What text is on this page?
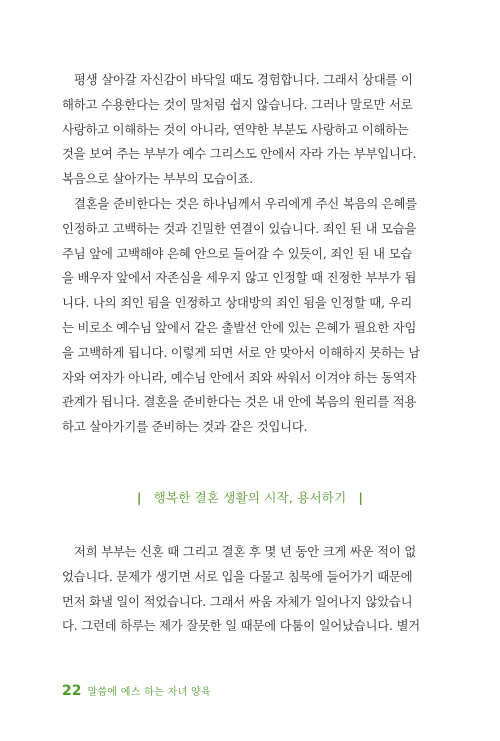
평생 살아갈 자신감이 바닥일 때도 경험합니다. 그래서 상대를 이
해하고 수용한다는 것이 말처럼 쉽지 않습니다. 그러나 말로만 서로
사랑하고 이해하는 것이 아니라, 연약한 부분도 사랑하고 이해하는
것을 보여 주는 부부가 예수 그리스도 안에서 자라 가는 부부입니다.
복음으로 살아가는 부부의 모습이죠.
결혼을 준비한다는 것은 하나님께서 우리에게 주신 복음의 은혜를
인정하고 고백하는 것과 긴밀한 연결이 있습니다. 죄인 된 내 모습을
주님 앞에 고백해야 은혜 안으로 들어갈 수 있듯이, 죄인 된 내 모습
을 배우자 앞에서 자존심을 세우지 않고 인정할 때 진정한 부부가 됩
니다. 나의 죄인 됨을 인정하고 상대방의 죄인 됨을 인정할 때, 우리
는 비로소 예수님 앞에서 같은 출발선 안에 있는 은혜가 필요한 자임
을 고백하게 됩니다. 이렇게 되면 서로 안 맞아서 이해하지 못하는 남
자와 여자가 아니라, 예수님 안에서 죄와 싸워서 이겨야 하는 동역자
관계가 됩니다. 결혼을 준비한다는 것은 내 안에 복음의 원리를 적용
하고 살아가기를 준비하는 것과 같은 것입니다.
| 행복한 결혼 생활의 시작, 용서하기 |
저희 부부는 신혼 때 그리고 결혼 후 몇 년 동안 크게 싸운 적이 없
었습니다. 문제가 생기면 서로 입을 다물고 침묵에 들어가기 때문에
먼저 화낼 일이 적었습니다. 그래서 싸움 자체가 일어나지 않았습니
다. 그런데 하루는 제가 잘못한 일 때문에 다툼이 일어났습니다. 별거
22 말씀에 예스 하는 자녀 양육
